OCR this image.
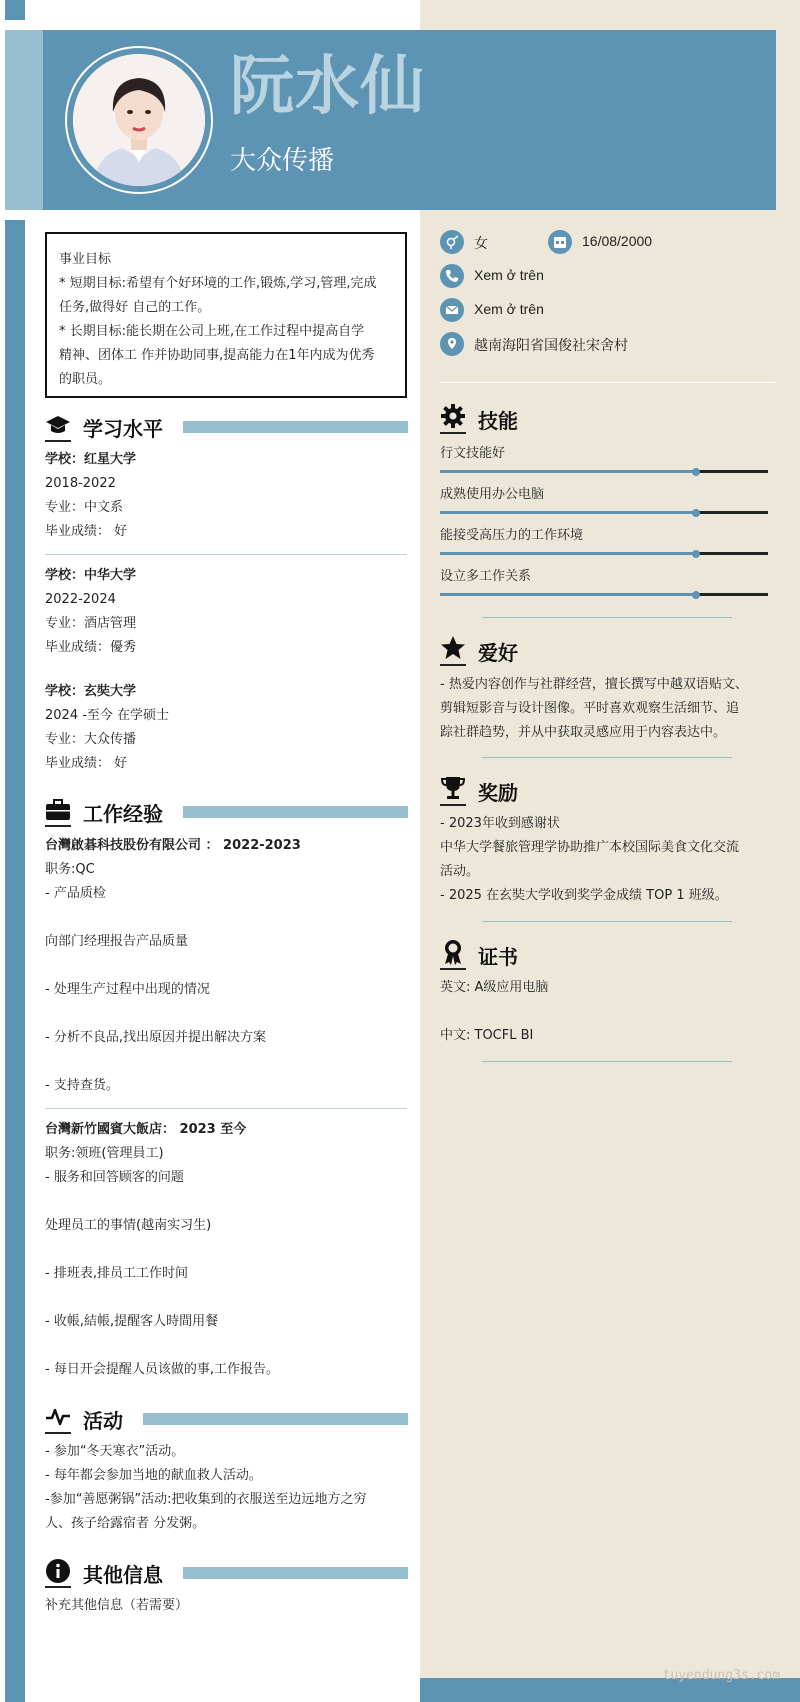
tuyendung3s.com
阮水仙
大众传播
事业目标
* 短期目标:希望有个好环境的工作,锻炼,学习,管理,完成
任务,做得好 自己的工作。
* 长期目标:能长期在公司上班,在工作过程中提高自学
精神、团体工 作并协助同事,提高能力在1年内成为优秀
的职员。
学习水平
学校：红星大学
2018-2022
专业：中文系
毕业成绩： 好
学校：中华大学
2022-2024
专业：酒店管理
毕业成绩：優秀
学校：玄奘大学
2024 -至今 在学硕士
专业：大众传播
毕业成绩： 好
工作经验
台灣啟碁科技股份有限公司 ： 2022-2023
职务:QC
- 产品质检
向部门经理报告产品质量
- 处理生产过程中出现的情况
- 分析不良品,找出原因并提出解决方案
- 支持查货。
台灣新竹國賓大飯店： 2023 至今
职务:领班(管理員工)
- 服务和回答顾客的问题
处理员工的事情(越南实习生)
- 排班表,排员工工作时间
- 收帳,結帳,提醒客人時間用餐
- 每日开会提醒人员该做的事,工作报告。
活动
- 参加“冬天寒衣”活动。
- 每年都会参加当地的献血救人活动。
-参加“善愿粥锅”活动:把收集到的衣服送至边远地方之穷
人、孩子给露宿者 分发粥。
其他信息
补充其他信息（若需要）
女	16/08/2000
Xem ở trên
Xem ở trên
越南海阳省国俊社宋舍村
技能
行文技能好
成熟使用办公电脑
能接受高压力的工作环境
设立多工作关系
爱好
- 热爱内容创作与社群经营，擅长撰写中越双语贴文、
剪辑短影音与设计图像。平时喜欢观察生活细节、追
踪社群趋势，并从中获取灵感应用于内容表达中。
奖励
- 2023年收到感谢状
中华大学餐旅管理学协助推广本校国际美食文化交流
活动。
- 2025 在玄奘大学收到奖学金成绩 TOP 1 班级。
证书
英文: A级应用电脑
中文: TOCFL BI
